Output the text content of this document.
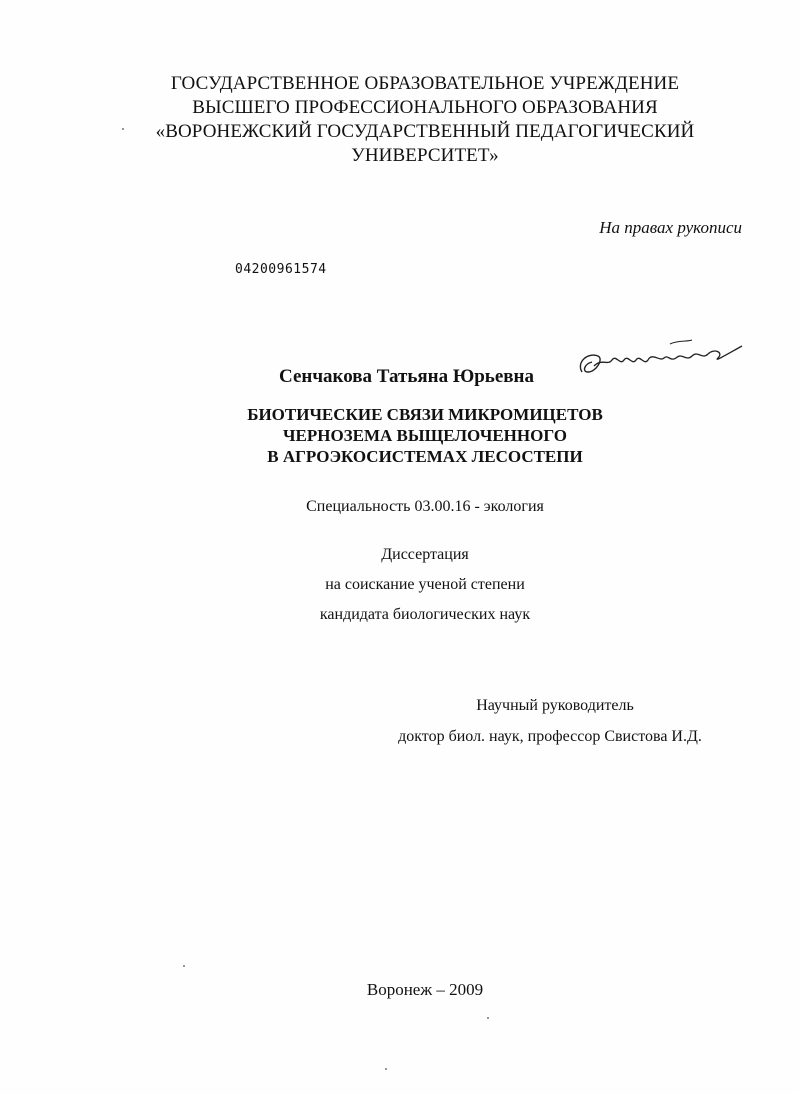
ГОСУДАРСТВЕННОЕ ОБРАЗОВАТЕЛЬНОЕ УЧРЕЖДЕНИЕ
ВЫСШЕГО ПРОФЕССИОНАЛЬНОГО ОБРАЗОВАНИЯ
«ВОРОНЕЖСКИЙ ГОСУДАРСТВЕННЫЙ ПЕДАГОГИЧЕСКИЙ
УНИВЕРСИТЕТ»
На правах рукописи
04200961574
Сенчакова Татьяна Юрьевна
БИОТИЧЕСКИЕ СВЯЗИ МИКРОМИЦЕТОВ
ЧЕРНОЗЕМА ВЫЩЕЛОЧЕННОГО
В АГРОЭКОСИСТЕМАХ ЛЕСОСТЕПИ
Специальность 03.00.16 - экология
Диссертация
на соискание ученой степени
кандидата биологических наук
Научный руководитель
доктор биол. наук, профессор Свистова И.Д.
Воронеж – 2009
